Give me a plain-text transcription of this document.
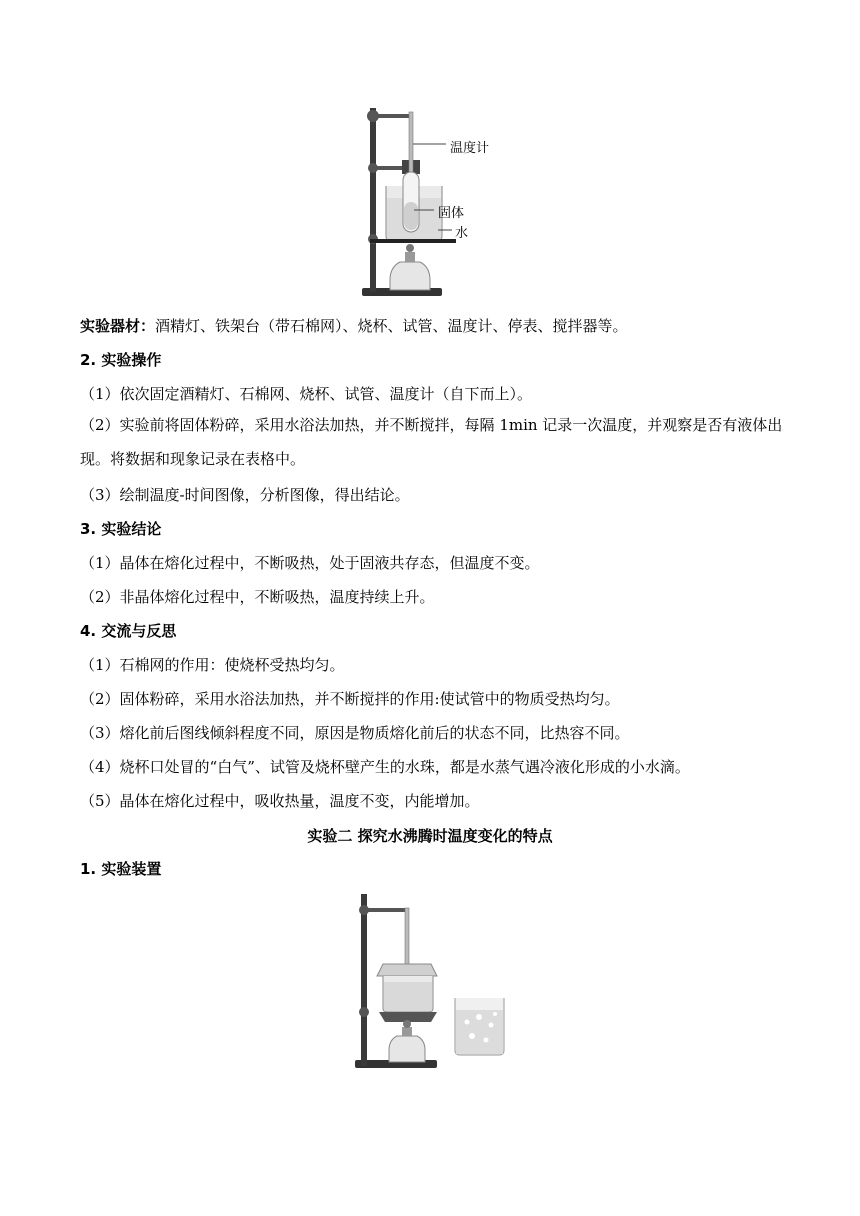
温度计
固体
水
实验器材：酒精灯、铁架台（带石棉网）、烧杯、试管、温度计、停表、搅拌器等。
2. 实验操作
（1）依次固定酒精灯、石棉网、烧杯、试管、温度计（自下而上）。
（2）实验前将固体粉碎，采用水浴法加热，并不断搅拌，每隔 1min 记录一次温度，并观察是否有液体出现。将数据和现象记录在表格中。
（3）绘制温度-时间图像，分析图像，得出结论。
3. 实验结论
（1）晶体在熔化过程中，不断吸热，处于固液共存态，但温度不变。
（2）非晶体熔化过程中，不断吸热，温度持续上升。
4. 交流与反思
（1）石棉网的作用：使烧杯受热均匀。
（2）固体粉碎，采用水浴法加热，并不断搅拌的作用:使试管中的物质受热均匀。
（3）熔化前后图线倾斜程度不同，原因是物质熔化前后的状态不同，比热容不同。
（4）烧杯口处冒的“白气”、试管及烧杯壁产生的水珠，都是水蒸气遇冷液化形成的小水滴。
（5）晶体在熔化过程中，吸收热量，温度不变，内能增加。
实验二 探究水沸腾时温度变化的特点
1. 实验装置
